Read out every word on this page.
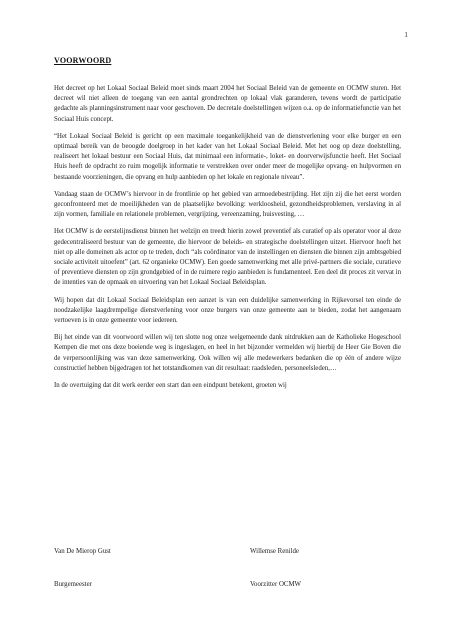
1
VOORWOORD

Het decreet op het Lokaal Sociaal Beleid moet sinds maart 2004 het Sociaal Beleid van de gemeente en OCMW sturen. Het decreet wil niet alleen de toegang van een aantal grondrechten op lokaal vlak garanderen, tevens wordt de participatie gedachte als planningsinstrument naar voor geschoven. De decretale doelstellingen wijzen o.a. op de informatiefunctie van het Sociaal Huis concept.

“Het Lokaal Sociaal Beleid is gericht op een maximale toegankelijkheid van de dienstverlening voor elke burger en een optimaal bereik van de beoogde doelgroep in het kader van het Lokaal Sociaal Beleid. Met het oog op deze doelstelling, realiseert het lokaal bestuur een Sociaal Huis, dat minimaal een informatie-, loket- en doorverwijsfunctie heeft. Het Sociaal Huis heeft de opdracht zo ruim mogelijk informatie te verstrekken over onder meer de mogelijke opvang- en hulpvormen en bestaande voorzieningen, die opvang en hulp aanbieden op het lokale en regionale niveau”.

Vandaag staan de OCMW’s hiervoor in de frontlinie op het gebied van armoedebestrijding. Het zijn zij die het eerst worden geconfronteerd met de moeilijkheden van de plaatselijke bevolking: werkloosheid, gezondheidsproblemen, verslaving in al zijn vormen, familiale en relationele problemen, vergrijzing, vereenzaming, huisvesting, …

Het OCMW is de eerstelijnsdienst binnen het welzijn en treedt hierin zowel preventief als curatief op als operator voor al deze gedecentraliseerd bestuur van de gemeente, die hiervoor de beleids- en strategische doelstellingen uitzet. Hiervoor hoeft het niet op alle domeinen als actor op te treden, doch “als coördinator van de instellingen en diensten die binnen zijn ambtsgebied sociale activiteit uitoefent” (art. 62 organieke OCMW). Een goede samenwerking met alle privé-partners die sociale, curatieve of preventieve diensten op zijn grondgebied of in de ruimere regio aanbieden is fundamenteel. Een deel dit proces zit vervat in de intenties van de opmaak en uitvoering van het Lokaal Sociaal Beleidsplan.

Wij hopen dat dit Lokaal Sociaal Beleidsplan een aanzet is van een duidelijke samenwerking in Rijkevorsel ten einde de noodzakelijke laagdrempelige dienstverlening voor onze burgers van onze gemeente aan te bieden, zodat het aangenaam vertoeven is in onze gemeente voor iedereen.

Bij het einde van dit voorwoord willen wij ten slotte nog onze welgemeende dank uitdrukken aan de Katholieke Hogeschool Kempen die met ons deze boeiende weg is ingeslagen, en heel in het bijzonder vermelden wij hierbij de Heer Gie Boven die de verpersoonlijking was van deze samenwerking. Ook willen wij alle medewerkers bedanken die op één of andere wijze constructief hebben bijgedragen tot het totstandkomen van dit resultaat: raadsleden, personeelsleden,…

In de overtuiging dat dit werk eerder een start dan een eindpunt betekent, groeten wij

Van De Mierop Gust	Willemse Renilde
Burgemeester	Voorzitter OCMW
